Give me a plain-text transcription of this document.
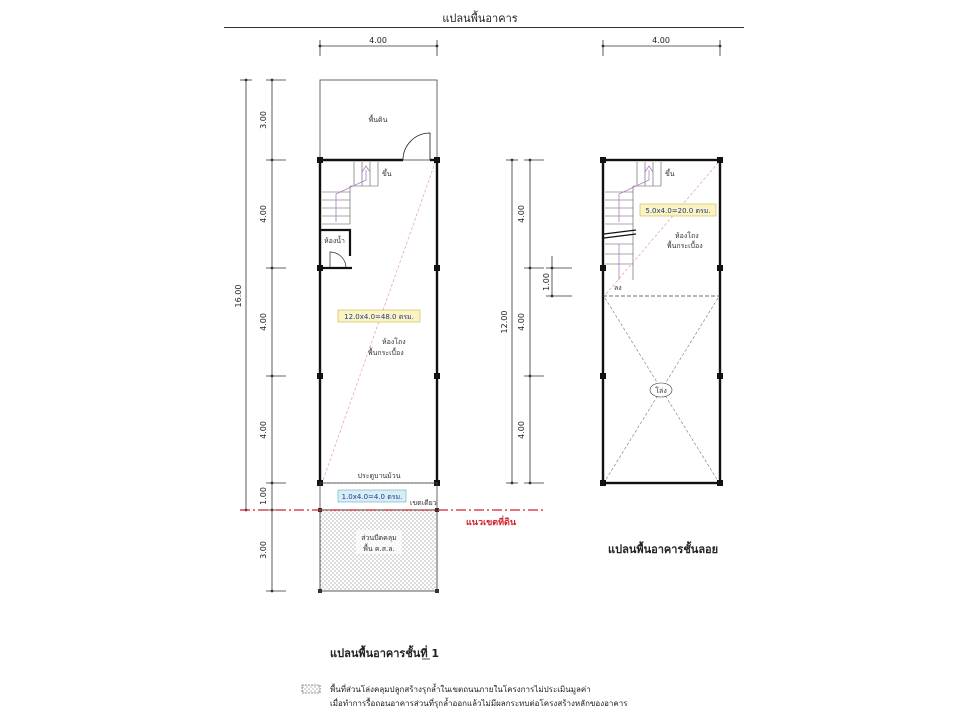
แปลนพื้นอาคาร
4.00
16.00
3.00
4.00
4.00
4.00
1.00
3.00
พื้นดิน
ขึ้น
ห้องน้ำ
12.0x4.0=48.0 ตรม.
ห้องโถง
พื้นกระเบื้อง
ประตูบานม้วน
1.0x4.0=4.0 ตรม.
เขตเดียว
ส่วนบีดคลุม
พื้น ค.ส.ล.
แนวเขตที่ดิน
4.00
12.00
4.00
4.00
4.00
1.00
ขึ้น
ลง
5.0x4.0=20.0 ตรม.
ห้องโถง
พื้นกระเบื้อง
โล่ง
แปลนพื้นอาคารชั้นที่ 1
แปลนพื้นอาคารชั้นลอย
พื้นที่ส่วนโล่งคลุมปลูกสร้างรุกล้ำในเขตถนนภายในโครงการไม่ประเมินมูลค่า
เมื่อทำการรื้อถอนอาคารส่วนที่รุกล้ำออกแล้วไม่มีผลกระทบต่อโครงสร้างหลักของอาคาร
